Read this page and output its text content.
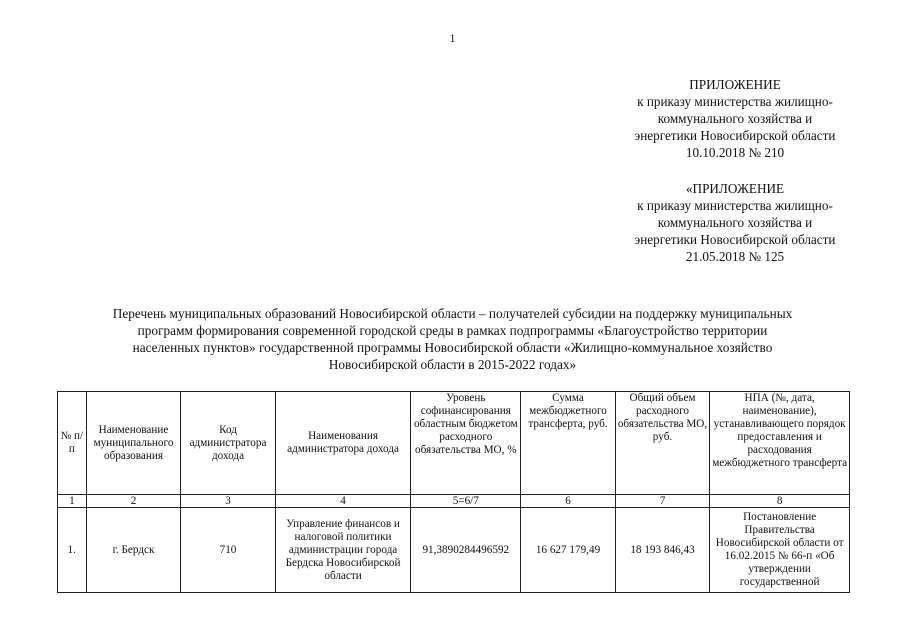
1
ПРИЛОЖЕНИЕ
к приказу министерства жилищно-
коммунального хозяйства и
энергетики Новосибирской области
10.10.2018 № 210
«ПРИЛОЖЕНИЕ
к приказу министерства жилищно-
коммунального хозяйства и
энергетики Новосибирской области
21.05.2018 № 125
Перечень муниципальных образований Новосибирской области – получателей субсидии на поддержку муниципальных
программ формирования современной городской среды в рамках подпрограммы «Благоустройство территории
населенных пунктов» государственной программы Новосибирской области «Жилищно-коммунальное хозяйство
Новосибирской области в 2015-2022 годах»
№ п/п	Наименование муниципального образования	Код администратора дохода	Наименования администратора дохода	Уровень софинансирования областным бюджетом расходного обязательства МО, %	Сумма межбюджетного трансферта, руб.	Общий объем расходного обязательства МО, руб.	НПА (№, дата, наименование), устанавливающего порядок предоставления и расходования межбюджетного трансферта
1	2	3	4	5=6/7	6	7	8
1.	г. Бердск	710	Управление финансов и налоговой политики администрации города Бердска Новосибирской области	91,3890284496592	16 627 179,49	18 193 846,43	Постановление Правительства Новосибирской области от 16.02.2015 № 66-п «Об утверждении государственной
